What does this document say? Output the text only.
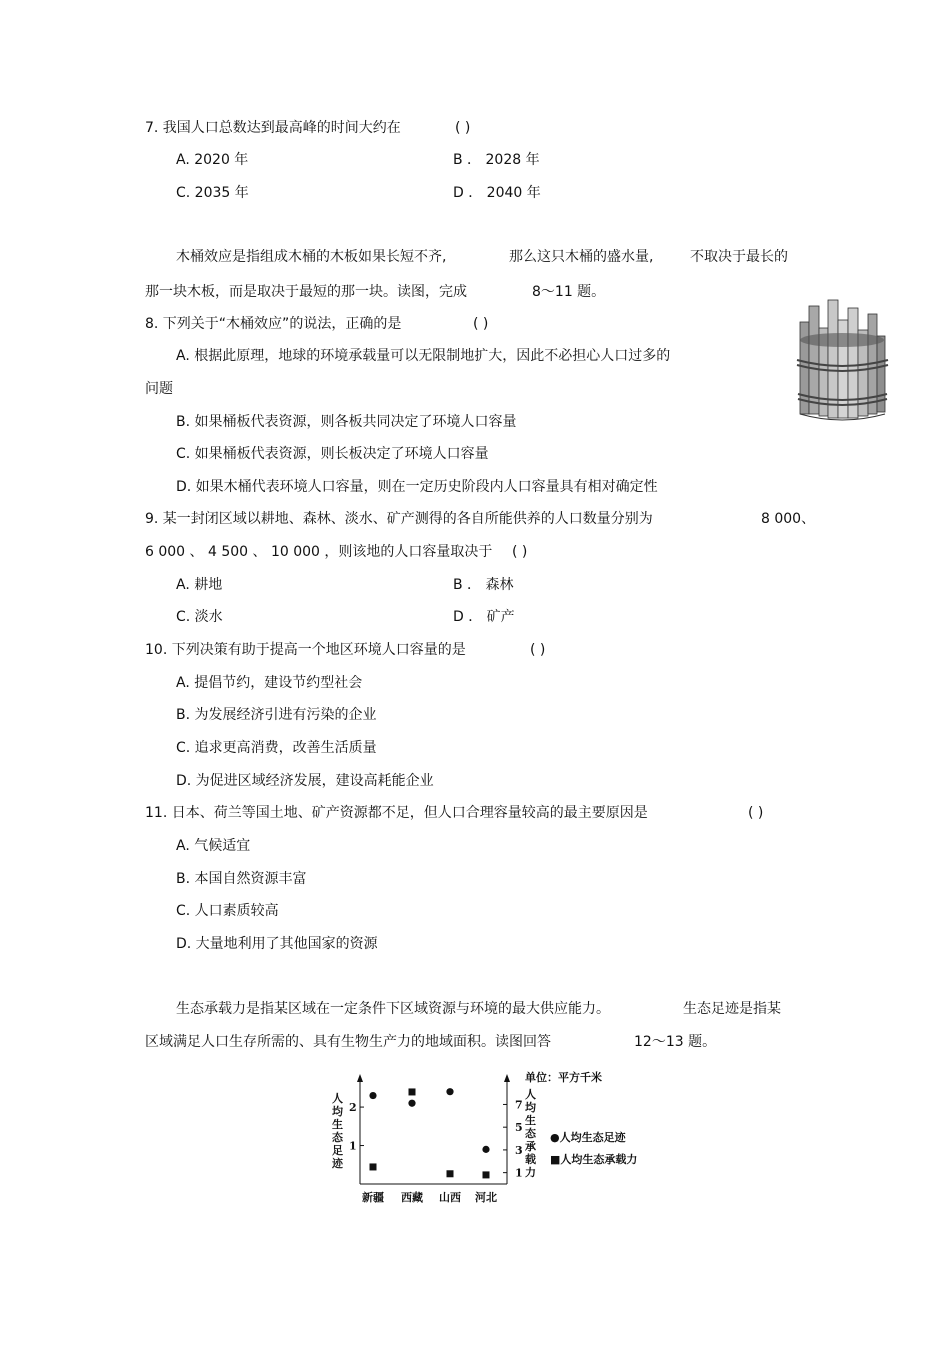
7. 我国人口总数达到最高峰的时间大约在	( )
A. 2020 年	B ． 2028 年
C. 2035 年	D ． 2040 年
木桶效应是指组成木桶的木板如果长短不齐,	那么这只木桶的盛水量,	不取决于最长的
那一块木板，而是取决于最短的那一块。读图，完成	8～11 题。
8. 下列关于“木桶效应”的说法，正确的是	( )
A. 根据此原理，地球的环境承载量可以无限制地扩大，因此不必担心人口过多的
问题
B. 如果桶板代表资源，则各板共同决定了环境人口容量
C. 如果桶板代表资源，则长板决定了环境人口容量
D. 如果木桶代表环境人口容量，则在一定历史阶段内人口容量具有相对确定性
9. 某一封闭区域以耕地、森林、淡水、矿产测得的各自所能供养的人口数量分别为	8 000、
6 000 、 4 500 、 10 000 ，则该地的人口容量取决于 ( )
A. 耕地	B ． 森林
C. 淡水	D ． 矿产
10. 下列决策有助于提高一个地区环境人口容量的是	( )
A. 提倡节约，建设节约型社会
B. 为发展经济引进有污染的企业
C. 追求更高消费，改善生活质量
D. 为促进区域经济发展，建设高耗能企业
11. 日本、荷兰等国土地、矿产资源都不足，但人口合理容量较高的最主要原因是	( )
A. 气候适宜
B. 本国自然资源丰富
C. 人口素质较高
D. 大量地利用了其他国家的资源
生态承载力是指某区域在一定条件下区域资源与环境的最大供应能力。	生态足迹是指某
区域满足人口生存所需的、具有生物生产力的地域面积。读图回答	12～13 题。
人均生态足迹
单位：平方千米
人均生态承载力
●人均生态足迹
■人均生态承载力
1
2
1
3
5
7
新疆 西藏 山西 河北
